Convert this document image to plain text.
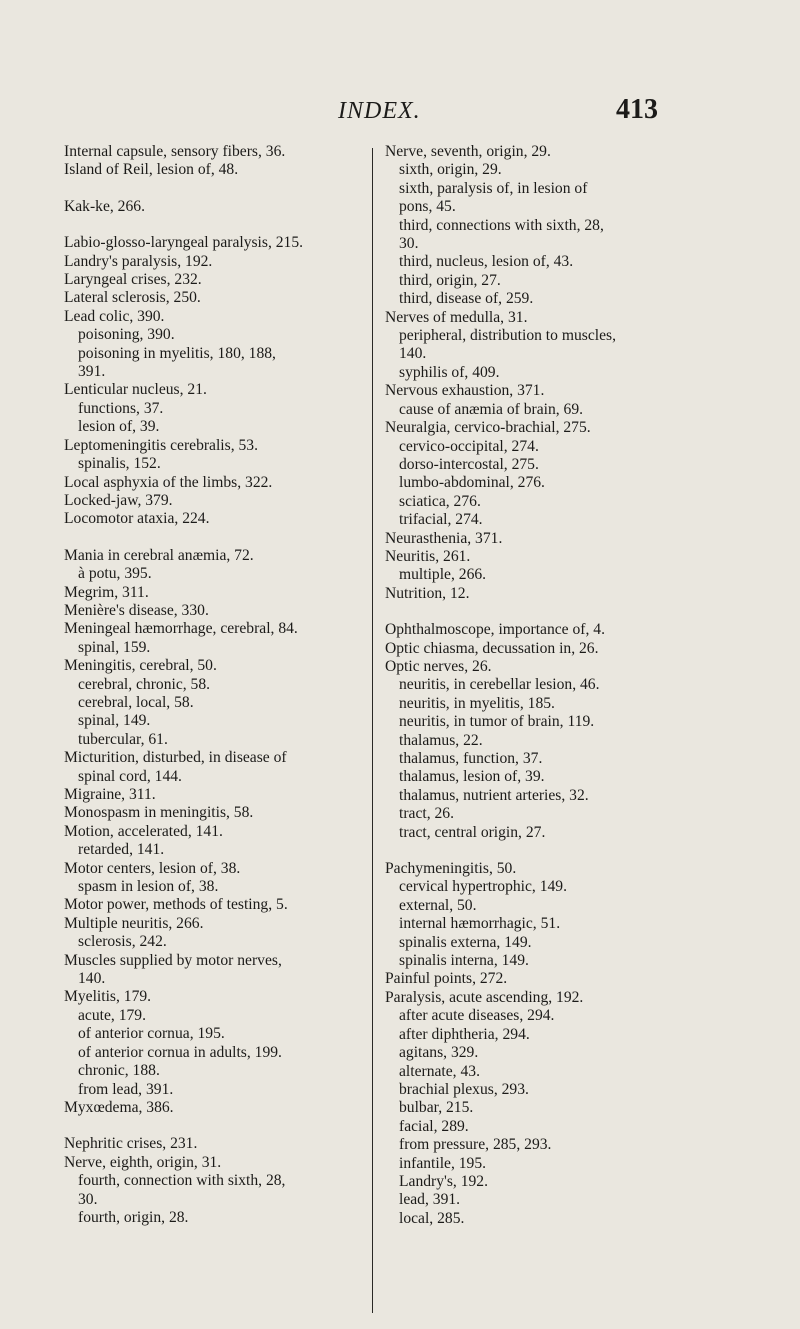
INDEX.	413
Internal capsule, sensory fibers, 36.
Island of Reil, lesion of, 48.
Kak-ke, 266.
Labio-glosso-laryngeal paralysis, 215.
Landry's paralysis, 192.
Laryngeal crises, 232.
Lateral sclerosis, 250.
Lead colic, 390.
poisoning, 390.
poisoning in myelitis, 180, 188,
391.
Lenticular nucleus, 21.
functions, 37.
lesion of, 39.
Leptomeningitis cerebralis, 53.
spinalis, 152.
Local asphyxia of the limbs, 322.
Locked-jaw, 379.
Locomotor ataxia, 224.
Mania in cerebral anæmia, 72.
à potu, 395.
Megrim, 311.
Menière's disease, 330.
Meningeal hæmorrhage, cerebral, 84.
spinal, 159.
Meningitis, cerebral, 50.
cerebral, chronic, 58.
cerebral, local, 58.
spinal, 149.
tubercular, 61.
Micturition, disturbed, in disease of
spinal cord, 144.
Migraine, 311.
Monospasm in meningitis, 58.
Motion, accelerated, 141.
retarded, 141.
Motor centers, lesion of, 38.
spasm in lesion of, 38.
Motor power, methods of testing, 5.
Multiple neuritis, 266.
sclerosis, 242.
Muscles supplied by motor nerves,
140.
Myelitis, 179.
acute, 179.
of anterior cornua, 195.
of anterior cornua in adults, 199.
chronic, 188.
from lead, 391.
Myxœdema, 386.
Nephritic crises, 231.
Nerve, eighth, origin, 31.
fourth, connection with sixth, 28,
30.
fourth, origin, 28.
Nerve, seventh, origin, 29.
sixth, origin, 29.
sixth, paralysis of, in lesion of
pons, 45.
third, connections with sixth, 28,
30.
third, nucleus, lesion of, 43.
third, origin, 27.
third, disease of, 259.
Nerves of medulla, 31.
peripheral, distribution to muscles,
140.
syphilis of, 409.
Nervous exhaustion, 371.
cause of anæmia of brain, 69.
Neuralgia, cervico-brachial, 275.
cervico-occipital, 274.
dorso-intercostal, 275.
lumbo-abdominal, 276.
sciatica, 276.
trifacial, 274.
Neurasthenia, 371.
Neuritis, 261.
multiple, 266.
Nutrition, 12.
Ophthalmoscope, importance of, 4.
Optic chiasma, decussation in, 26.
Optic nerves, 26.
neuritis, in cerebellar lesion, 46.
neuritis, in myelitis, 185.
neuritis, in tumor of brain, 119.
thalamus, 22.
thalamus, function, 37.
thalamus, lesion of, 39.
thalamus, nutrient arteries, 32.
tract, 26.
tract, central origin, 27.
Pachymeningitis, 50.
cervical hypertrophic, 149.
external, 50.
internal hæmorrhagic, 51.
spinalis externa, 149.
spinalis interna, 149.
Painful points, 272.
Paralysis, acute ascending, 192.
after acute diseases, 294.
after diphtheria, 294.
agitans, 329.
alternate, 43.
brachial plexus, 293.
bulbar, 215.
facial, 289.
from pressure, 285, 293.
infantile, 195.
Landry's, 192.
lead, 391.
local, 285.
